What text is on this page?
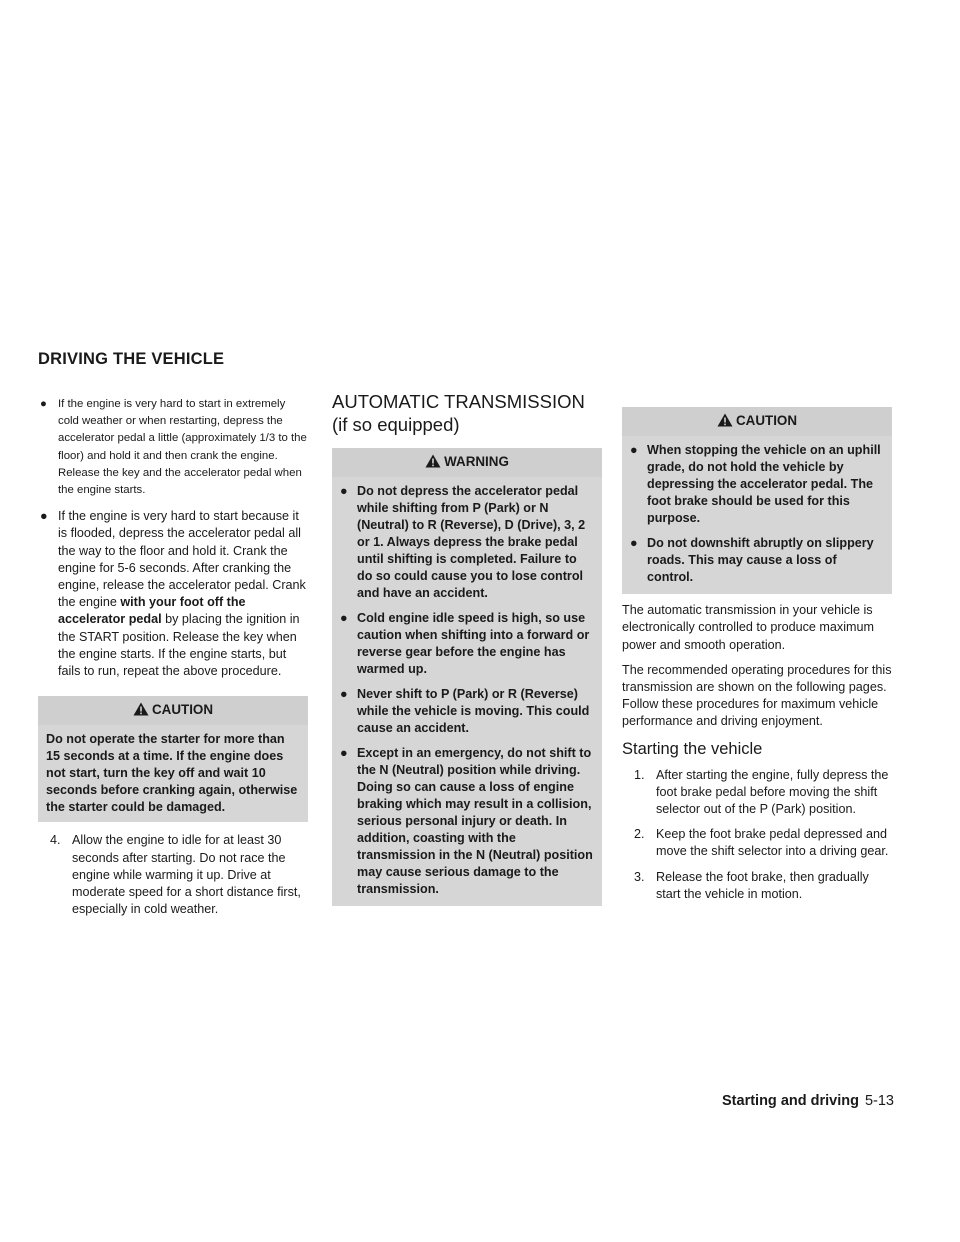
DRIVING THE VEHICLE
● If the engine is very hard to start in extremely cold weather or when restarting, depress the accelerator pedal a little (approximately 1/3 to the floor) and hold it and then crank the engine. Release the key and the accelerator pedal when the engine starts.
● If the engine is very hard to start because it is flooded, depress the accelerator pedal all the way to the floor and hold it. Crank the engine for 5-6 seconds. After cranking the engine, release the accelerator pedal. Crank the engine with your foot off the accelerator pedal by placing the ignition in the START position. Release the key when the engine starts. If the engine starts, but fails to run, repeat the above procedure.
CAUTION

Do not operate the starter for more than 15 seconds at a time. If the engine does not start, turn the key off and wait 10 seconds before cranking again, otherwise the starter could be damaged.

4. Allow the engine to idle for at least 30 seconds after starting. Do not race the engine while warming it up. Drive at moderate speed for a short distance first, especially in cold weather.
AUTOMATIC TRANSMISSION (if so equipped)
WARNING
● Do not depress the accelerator pedal while shifting from P (Park) or N (Neutral) to R (Reverse), D (Drive), 3, 2 or 1. Always depress the brake pedal until shifting is completed. Failure to do so could cause you to lose control and have an accident.
● Cold engine idle speed is high, so use caution when shifting into a forward or reverse gear before the engine has warmed up.
● Never shift to P (Park) or R (Reverse) while the vehicle is moving. This could cause an accident.
● Except in an emergency, do not shift to the N (Neutral) position while driving. Doing so can cause a loss of engine braking which may result in a collision, serious personal injury or death. In addition, coasting with the transmission in the N (Neutral) position may cause serious damage to the transmission.
CAUTION
● When stopping the vehicle on an uphill grade, do not hold the vehicle by depressing the accelerator pedal. The foot brake should be used for this purpose.
● Do not downshift abruptly on slippery roads. This may cause a loss of control.

The automatic transmission in your vehicle is electronically controlled to produce maximum power and smooth operation.

The recommended operating procedures for this transmission are shown on the following pages. Follow these procedures for maximum vehicle performance and driving enjoyment.

Starting the vehicle
1. After starting the engine, fully depress the foot brake pedal before moving the shift selector out of the P (Park) position.
2. Keep the foot brake pedal depressed and move the shift selector into a driving gear.
3. Release the foot brake, then gradually start the vehicle in motion.
Starting and driving 5-13
